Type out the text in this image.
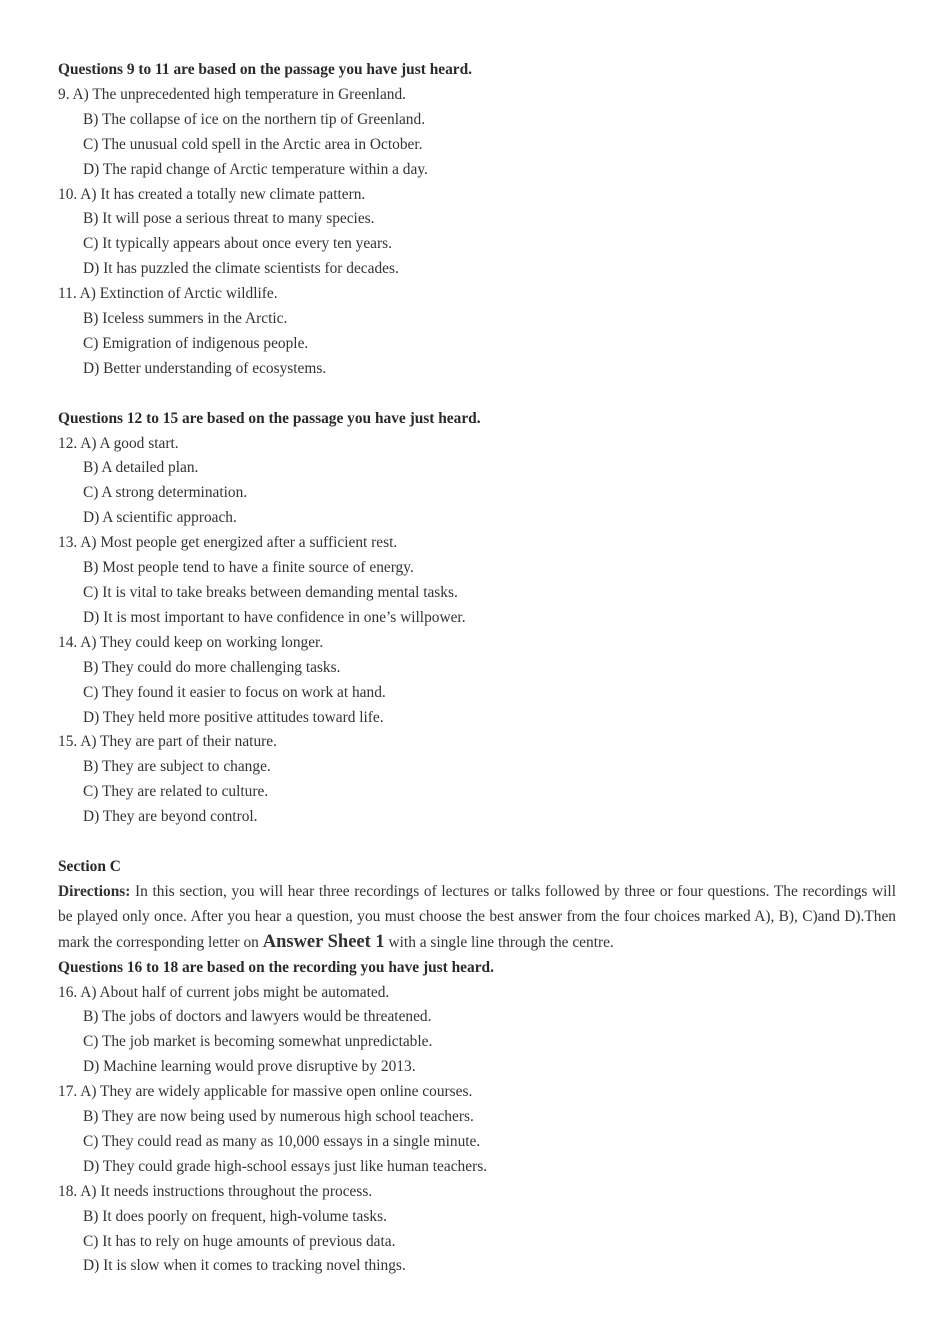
Questions 9 to 11 are based on the passage you have just heard.
9. A) The unprecedented high temperature in Greenland.
B) The collapse of ice on the northern tip of Greenland.
C) The unusual cold spell in the Arctic area in October.
D) The rapid change of Arctic temperature within a day.
10. A) It has created a totally new climate pattern.
B) It will pose a serious threat to many species.
C) It typically appears about once every ten years.
D) It has puzzled the climate scientists for decades.
11. A) Extinction of Arctic wildlife.
B) Iceless summers in the Arctic.
C) Emigration of indigenous people.
D) Better understanding of ecosystems.
Questions 12 to 15 are based on the passage you have just heard.
12. A) A good start.
B) A detailed plan.
C) A strong determination.
D) A scientific approach.
13. A) Most people get energized after a sufficient rest.
B) Most people tend to have a finite source of energy.
C) It is vital to take breaks between demanding mental tasks.
D) It is most important to have confidence in one’s willpower.
14. A) They could keep on working longer.
B) They could do more challenging tasks.
C) They found it easier to focus on work at hand.
D) They held more positive attitudes toward life.
15. A) They are part of their nature.
B) They are subject to change.
C) They are related to culture.
D) They are beyond control.
Section C
Directions: In this section, you will hear three recordings of lectures or talks followed by three or four questions. The recordings will be played only once. After you hear a question, you must choose the best answer from the four choices marked A), B), C)and D).Then mark the corresponding letter on Answer Sheet 1 with a single line through the centre.
Questions 16 to 18 are based on the recording you have just heard.
16. A) About half of current jobs might be automated.
B) The jobs of doctors and lawyers would be threatened.
C) The job market is becoming somewhat unpredictable.
D) Machine learning would prove disruptive by 2013.
17. A) They are widely applicable for massive open online courses.
B) They are now being used by numerous high school teachers.
C) They could read as many as 10,000 essays in a single minute.
D) They could grade high-school essays just like human teachers.
18. A) It needs instructions throughout the process.
B) It does poorly on frequent, high-volume tasks.
C) It has to rely on huge amounts of previous data.
D) It is slow when it comes to tracking novel things.
